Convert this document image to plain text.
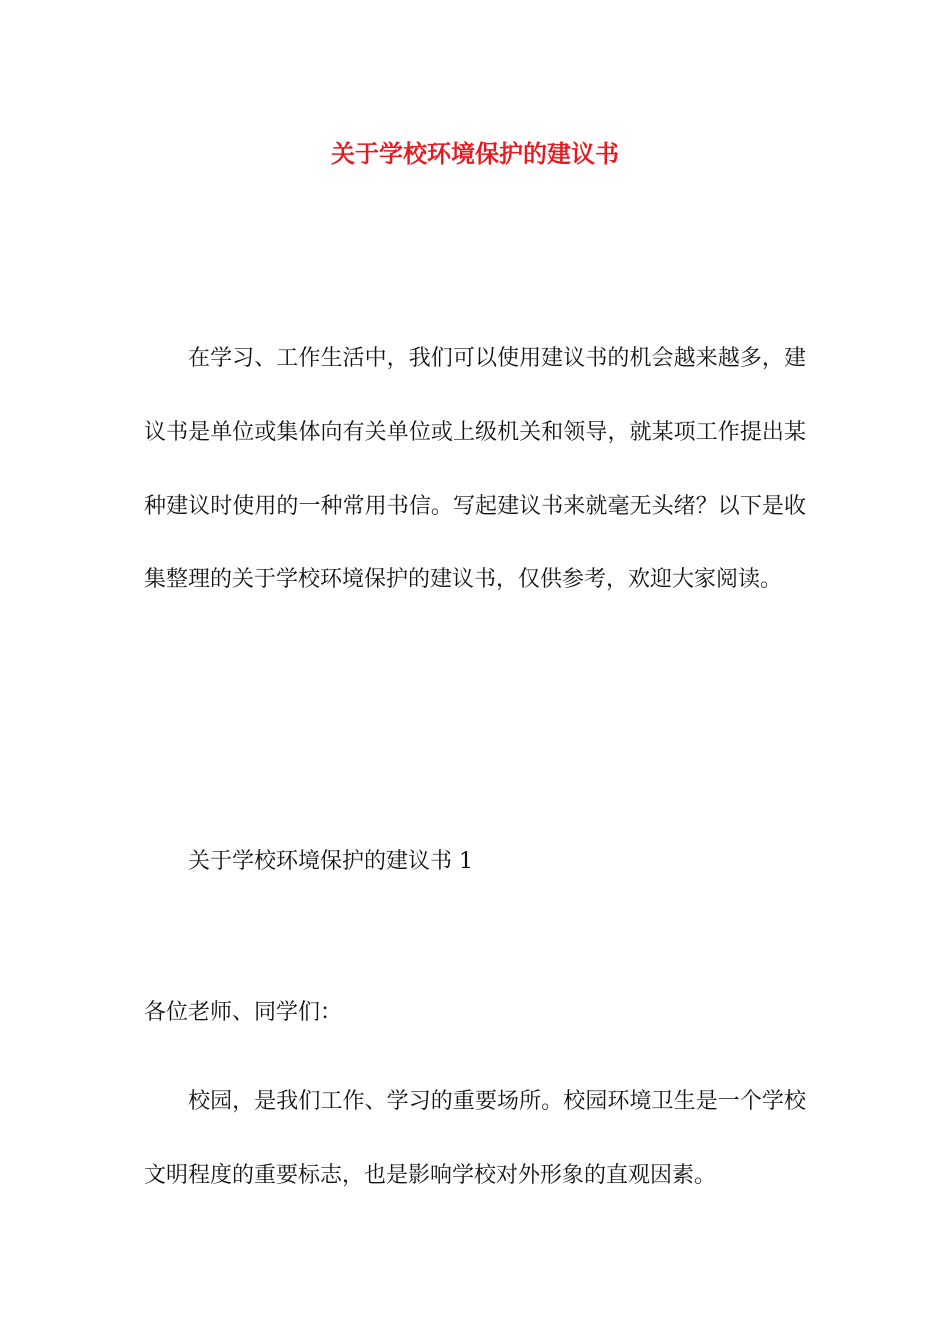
关于学校环境保护的建议书

在学习、工作生活中，我们可以使用建议书的机会越来越多，建议书是单位或集体向有关单位或上级机关和领导，就某项工作提出某种建议时使用的一种常用书信。写起建议书来就毫无头绪？以下是收集整理的关于学校环境保护的建议书，仅供参考，欢迎大家阅读。

关于学校环境保护的建议书 1

各位老师、同学们：

校园，是我们工作、学习的重要场所。校园环境卫生是一个学校文明程度的重要标志，也是影响学校对外形象的直观因素。
